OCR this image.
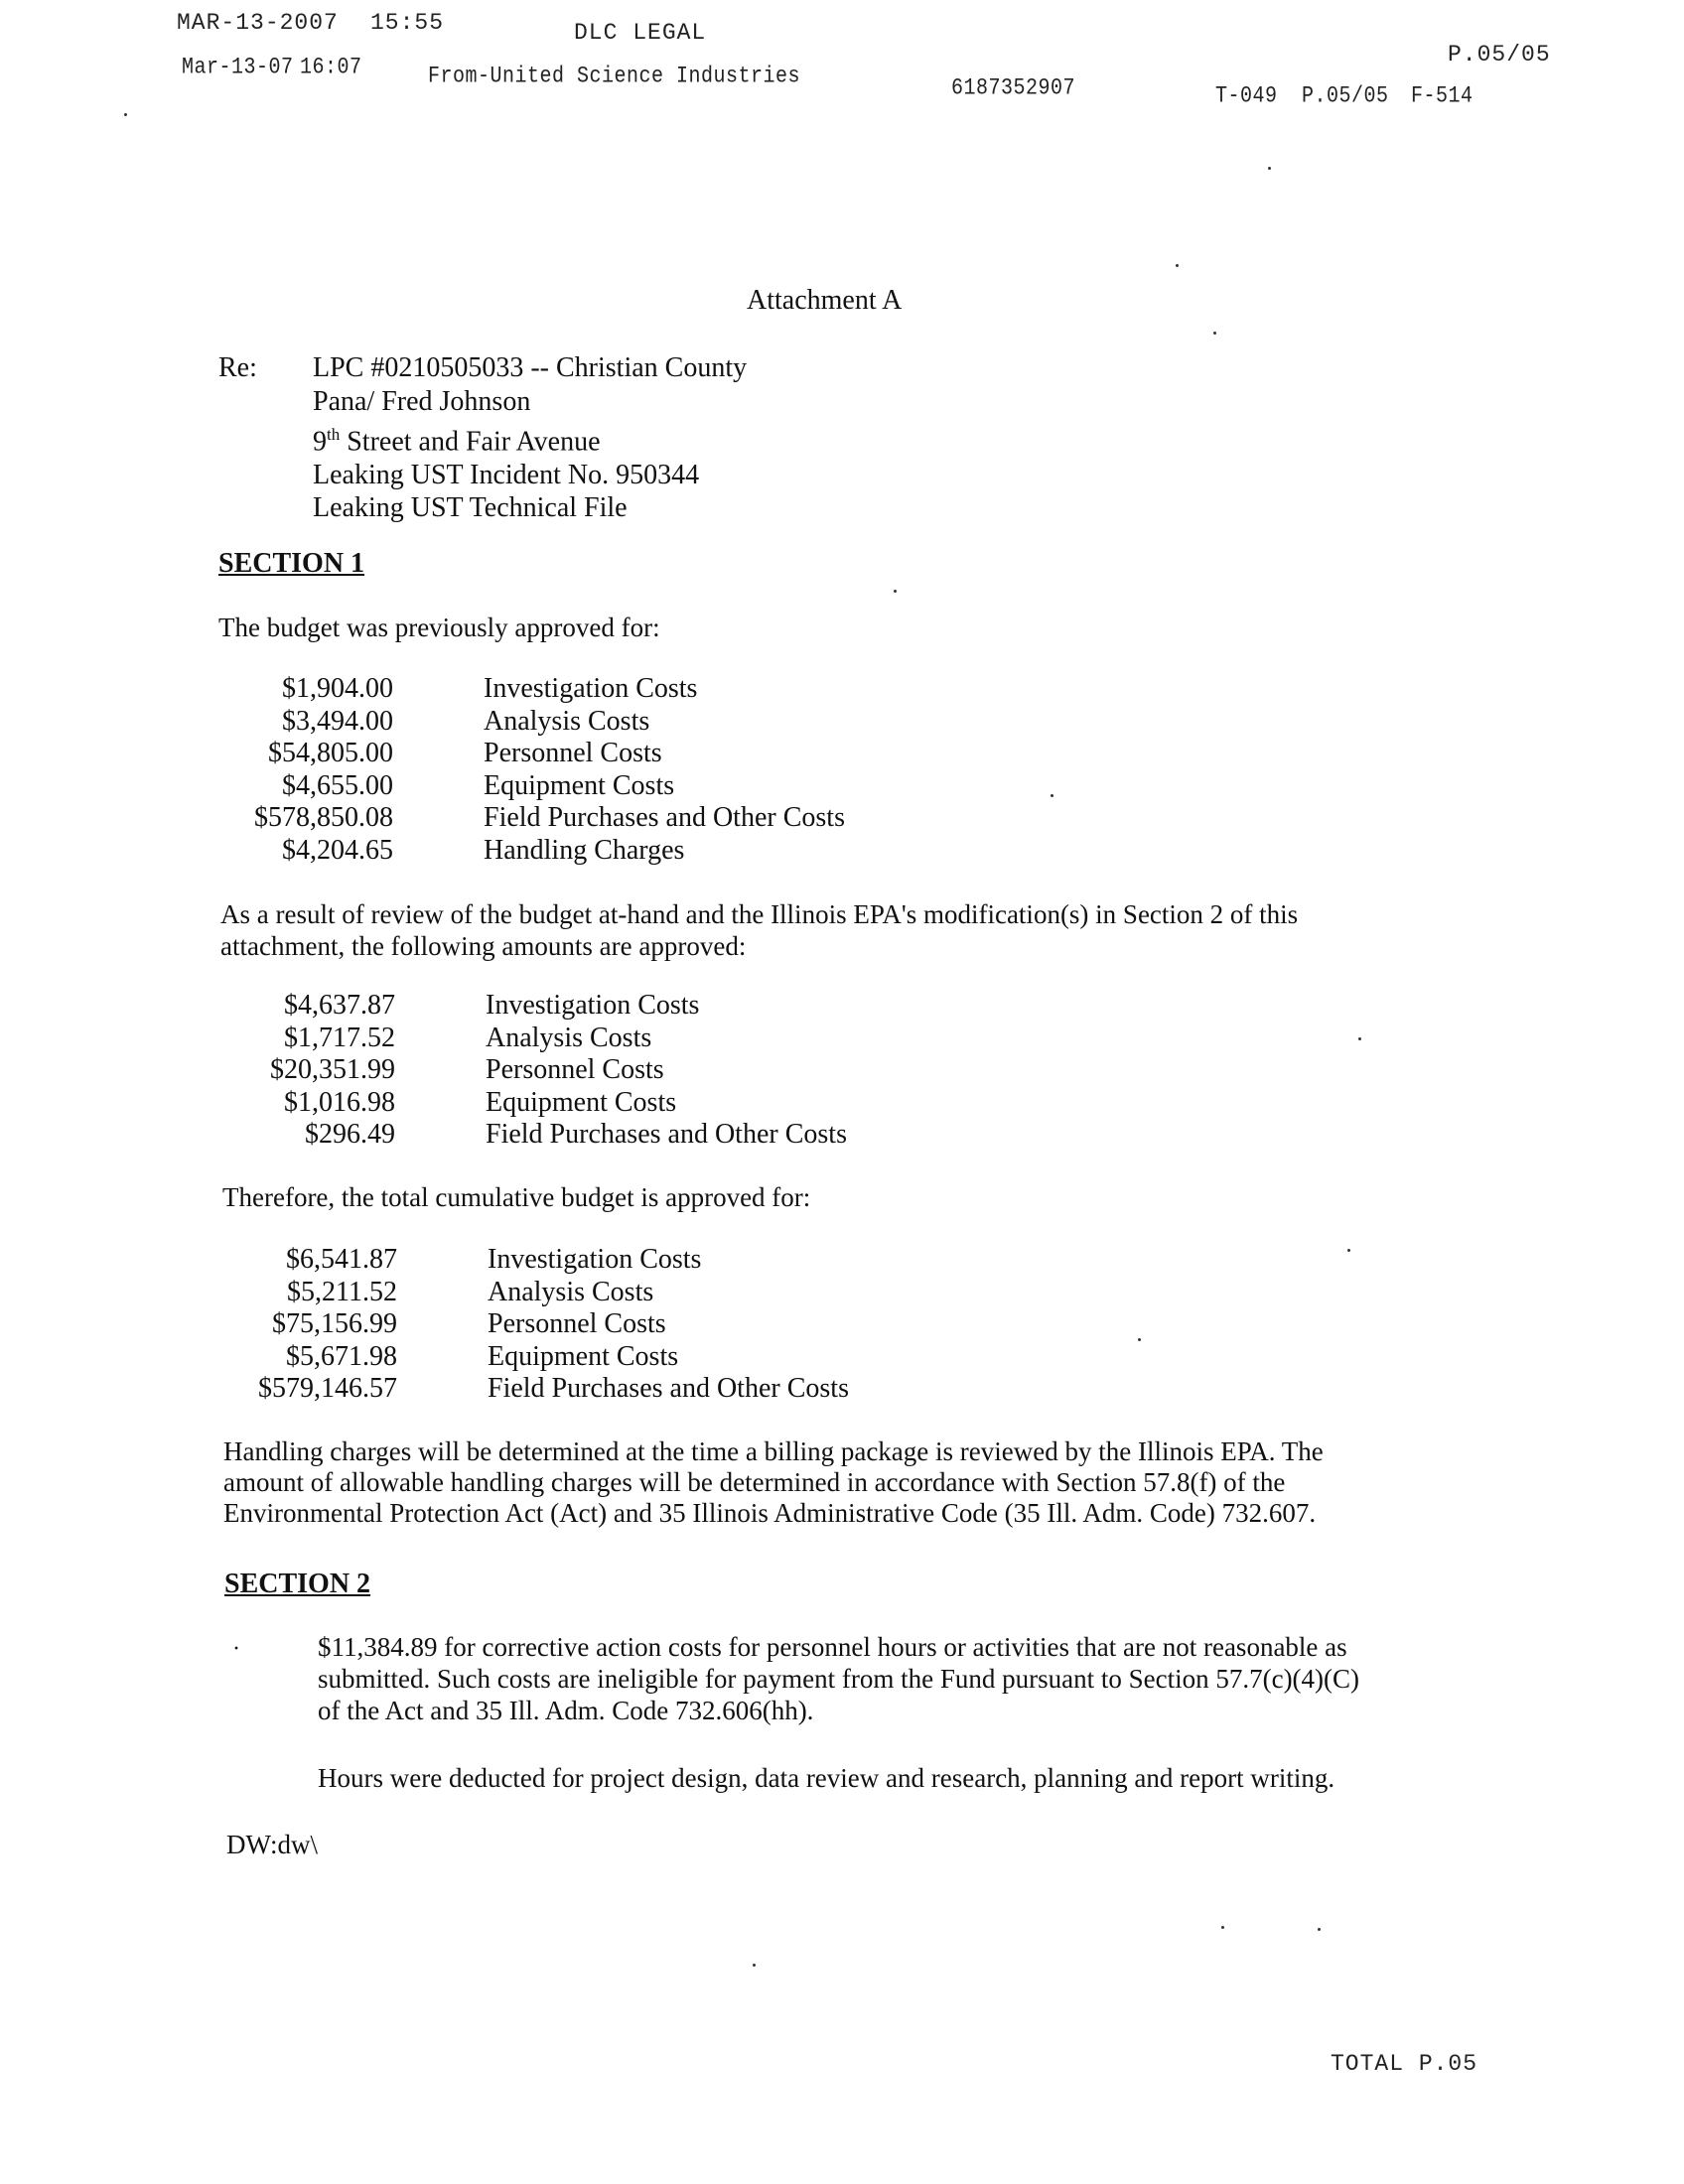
MAR-13-2007 15:55	DLC LEGAL
P.05/05
Mar-13-07 16:07	From-United Science Industries	6187352907	T-049 P.05/05 F-514
Attachment A
Re: LPC #0210505033 -- Christian County
Pana/ Fred Johnson
9th Street and Fair Avenue
Leaking UST Incident No. 950344
Leaking UST Technical File
SECTION 1
The budget was previously approved for:
$1,904.00	Investigation Costs
$3,494.00	Analysis Costs
$54,805.00	Personnel Costs
$4,655.00	Equipment Costs
$578,850.08	Field Purchases and Other Costs
$4,204.65	Handling Charges
As a result of review of the budget at-hand and the Illinois EPA's modification(s) in Section 2 of this
attachment, the following amounts are approved:
$4,637.87	Investigation Costs
$1,717.52	Analysis Costs
$20,351.99	Personnel Costs
$1,016.98	Equipment Costs
$296.49	Field Purchases and Other Costs
Therefore, the total cumulative budget is approved for:
$6,541.87	Investigation Costs
$5,211.52	Analysis Costs
$75,156.99	Personnel Costs
$5,671.98	Equipment Costs
$579,146.57	Field Purchases and Other Costs
Handling charges will be determined at the time a billing package is reviewed by the Illinois EPA. The
amount of allowable handling charges will be determined in accordance with Section 57.8(f) of the
Environmental Protection Act (Act) and 35 Illinois Administrative Code (35 Ill. Adm. Code) 732.607.
SECTION 2
·	$11,384.89 for corrective action costs for personnel hours or activities that are not reasonable as
submitted. Such costs are ineligible for payment from the Fund pursuant to Section 57.7(c)(4)(C)
of the Act and 35 Ill. Adm. Code 732.606(hh).
Hours were deducted for project design, data review and research, planning and report writing.
DW:dw\
TOTAL P.05
